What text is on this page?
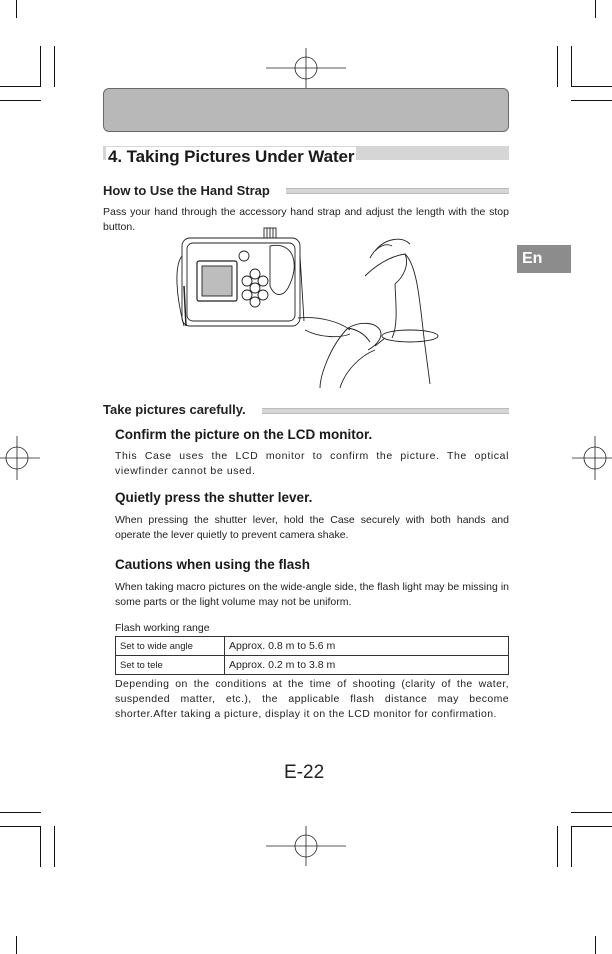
4. Taking Pictures Under Water
En
How to Use the Hand Strap
Pass your hand through the accessory hand strap and adjust the length with the stop button.
Take pictures carefully.
Confirm the picture on the LCD monitor.
This Case uses the LCD monitor to confirm the picture. The optical viewfinder cannot be used.
Quietly press the shutter lever.
When pressing the shutter lever, hold the Case securely with both hands and operate the lever quietly to prevent camera shake.
Cautions when using the flash
When taking macro pictures on the wide-angle side, the flash light may be missing in some parts or the light volume may not be uniform.
Flash working range
Set to wide angle	Approx. 0.8 m to 5.6 m
Set to tele	Approx. 0.2 m to 3.8 m
Depending on the conditions at the time of shooting (clarity of the water, suspended matter, etc.), the applicable flash distance may become shorter.After taking a picture, display it on the LCD monitor for confirmation.
E-22
